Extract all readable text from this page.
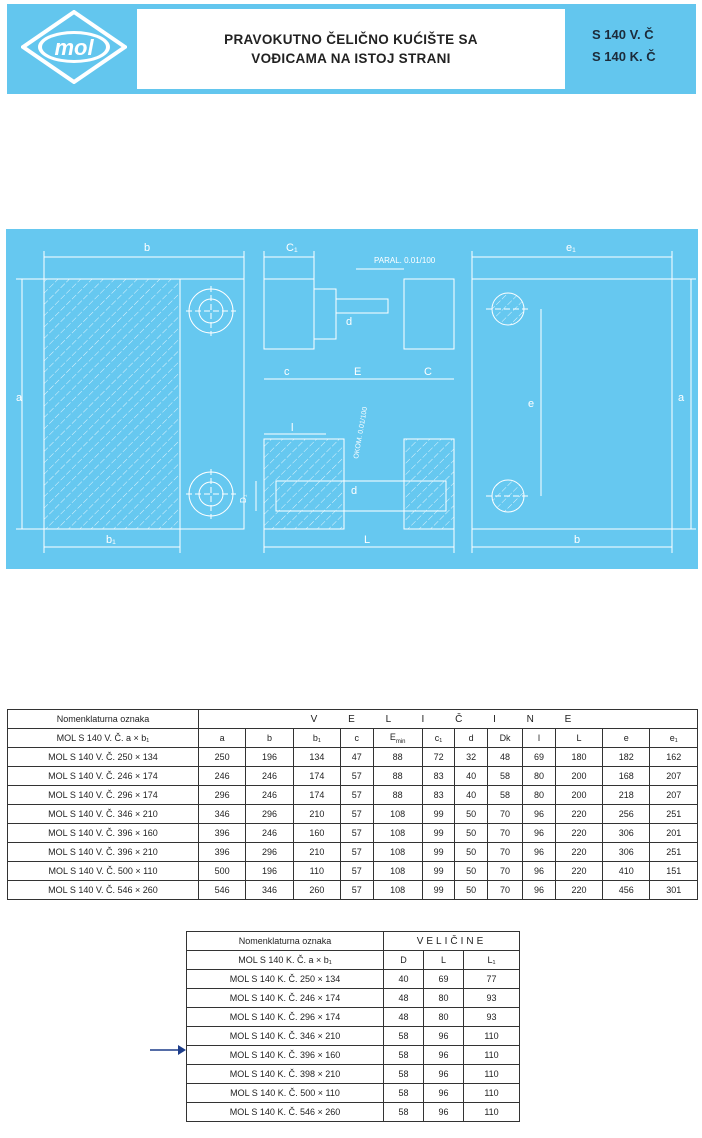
mol	PRAVOKUTNO ČELIČNO KUĆIŠTE SA
VOĐICAMA NA ISTOJ STRANI
S 140 V. Č
S 140 K. Č
b
a
b₁
C₁
PARAL. 0.01/100
d
c	E	C
l	OKOM. 0.01/100
D₁
d
L
e₁
e	a
b
Nomenklaturna oznaka	V E L I Č I N E											
MOL S 140 V. Č. a × b₁	a	b	b₁	c	$E_{min}$	c₁	d	Dk	l	L	e	e₁
MOL S 140 V. Č. 250 × 134	250	196	134	47	88	72	32	48	69	180	182	162
MOL S 140 V. Č. 246 × 174	246	246	174	57	88	83	40	58	80	200	168	207
MOL S 140 V. Č. 296 × 174	296	246	174	57	88	83	40	58	80	200	218	207
MOL S 140 V. Č. 346 × 210	346	296	210	57	108	99	50	70	96	220	256	251
MOL S 140 V. Č. 396 × 160	396	246	160	57	108	99	50	70	96	220	306	201
MOL S 140 V. Č. 396 × 210	396	296	210	57	108	99	50	70	96	220	306	251
MOL S 140 V. Č. 500 × 110	500	196	110	57	108	99	50	70	96	220	410	151
MOL S 140 V. Č. 546 × 260	546	346	260	57	108	99	50	70	96	220	456	301
Nomenklaturna oznaka	VELIČINE		
MOL S 140 K. Č. a × b₁	D	L	L₁
MOL S 140 K. Č. 250 × 134	40	69	77
MOL S 140 K. Č. 246 × 174	48	80	93
MOL S 140 K. Č. 296 × 174	48	80	93
MOL S 140 K. Č. 346 × 210	58	96	110
MOL S 140 K. Č. 396 × 160	58	96	110
MOL S 140 K. Č. 398 × 210	58	96	110
MOL S 140 K. Č. 500 × 110	58	96	110
MOL S 140 K. Č. 546 × 260	58	96	110
